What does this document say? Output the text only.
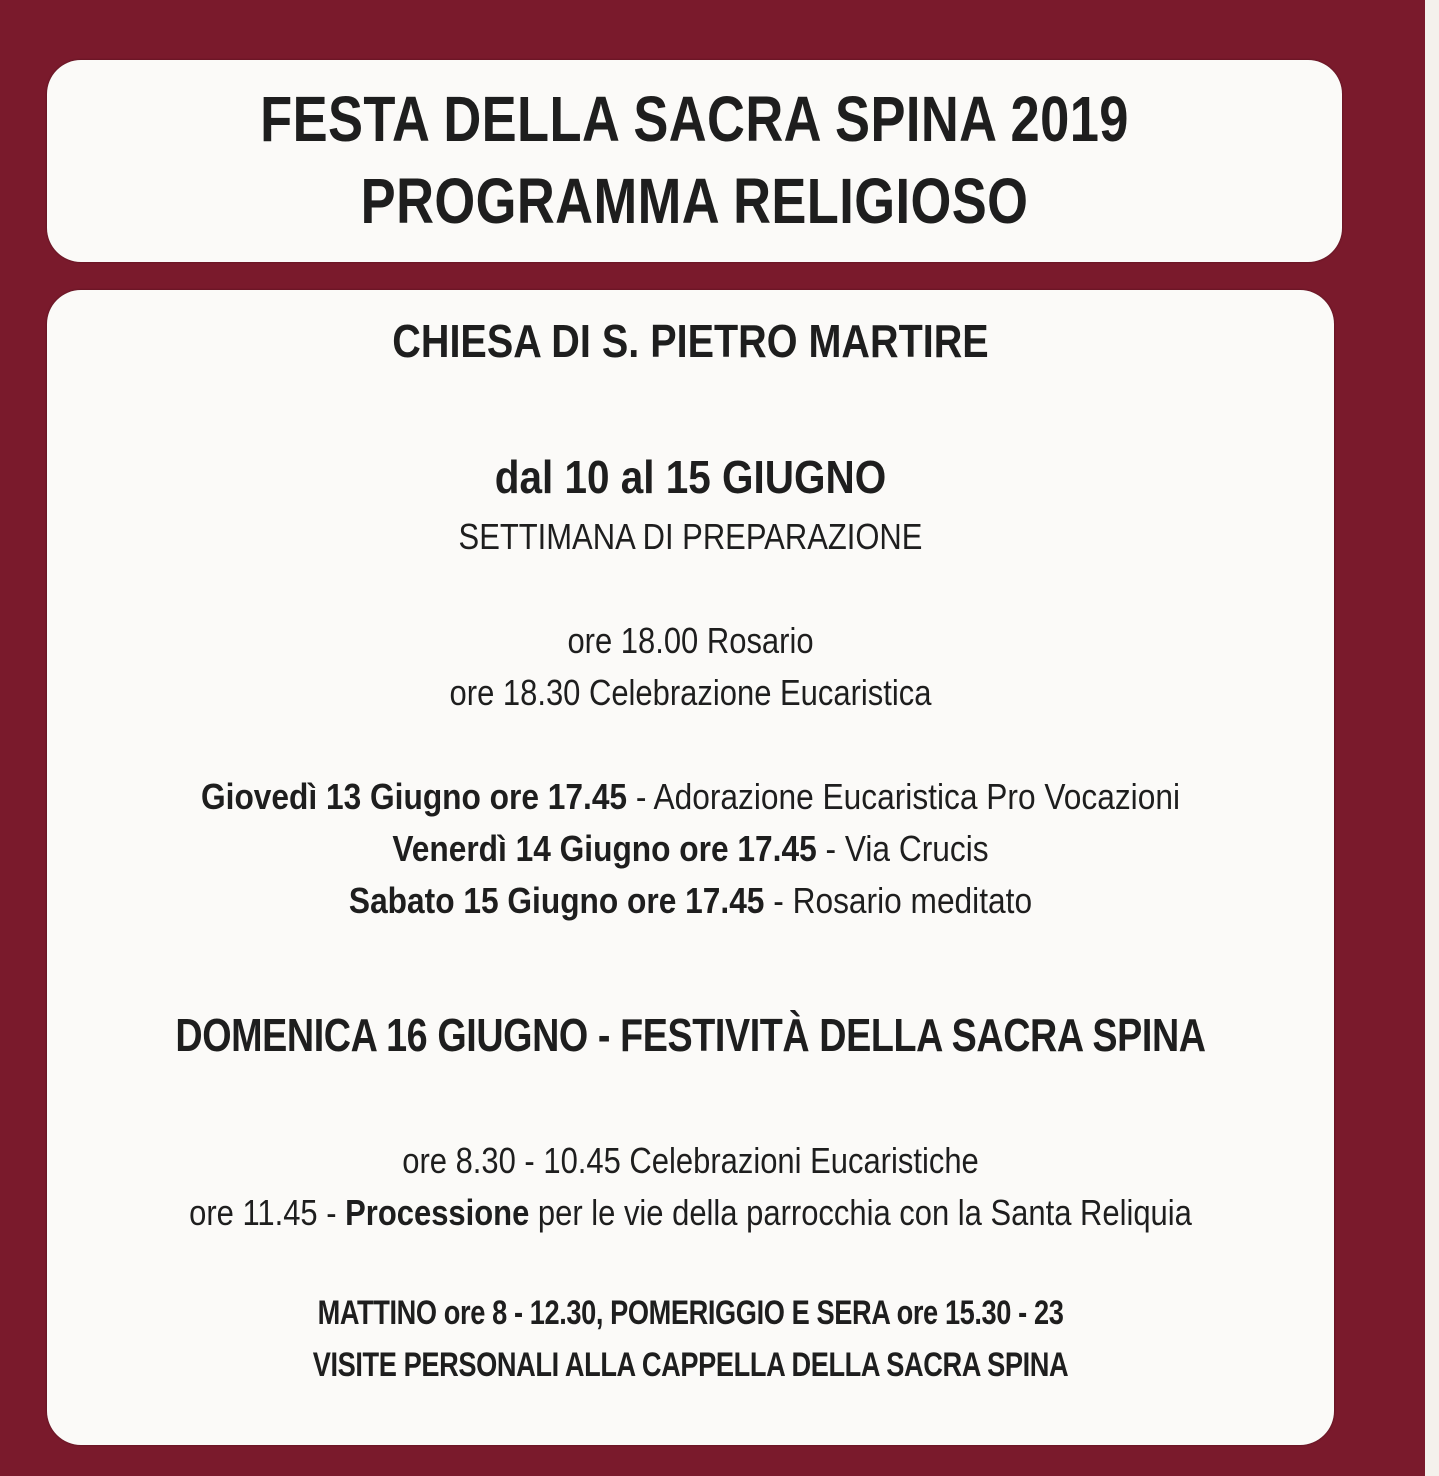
FESTA DELLA SACRA SPINA 2019
PROGRAMMA RELIGIOSO
CHIESA DI S. PIETRO MARTIRE
dal 10 al 15 GIUGNO
SETTIMANA DI PREPARAZIONE
ore 18.00 Rosario
ore 18.30 Celebrazione Eucaristica
Giovedì 13 Giugno ore 17.45 - Adorazione Eucaristica Pro Vocazioni
Venerdì 14 Giugno ore 17.45 - Via Crucis
Sabato 15 Giugno ore 17.45 - Rosario meditato
DOMENICA 16 GIUGNO - FESTIVITÀ DELLA SACRA SPINA
ore 8.30 - 10.45 Celebrazioni Eucaristiche
ore 11.45 - Processione per le vie della parrocchia con la Santa Reliquia
MATTINO ore 8 - 12.30, POMERIGGIO E SERA ore 15.30 - 23
VISITE PERSONALI ALLA CAPPELLA DELLA SACRA SPINA
